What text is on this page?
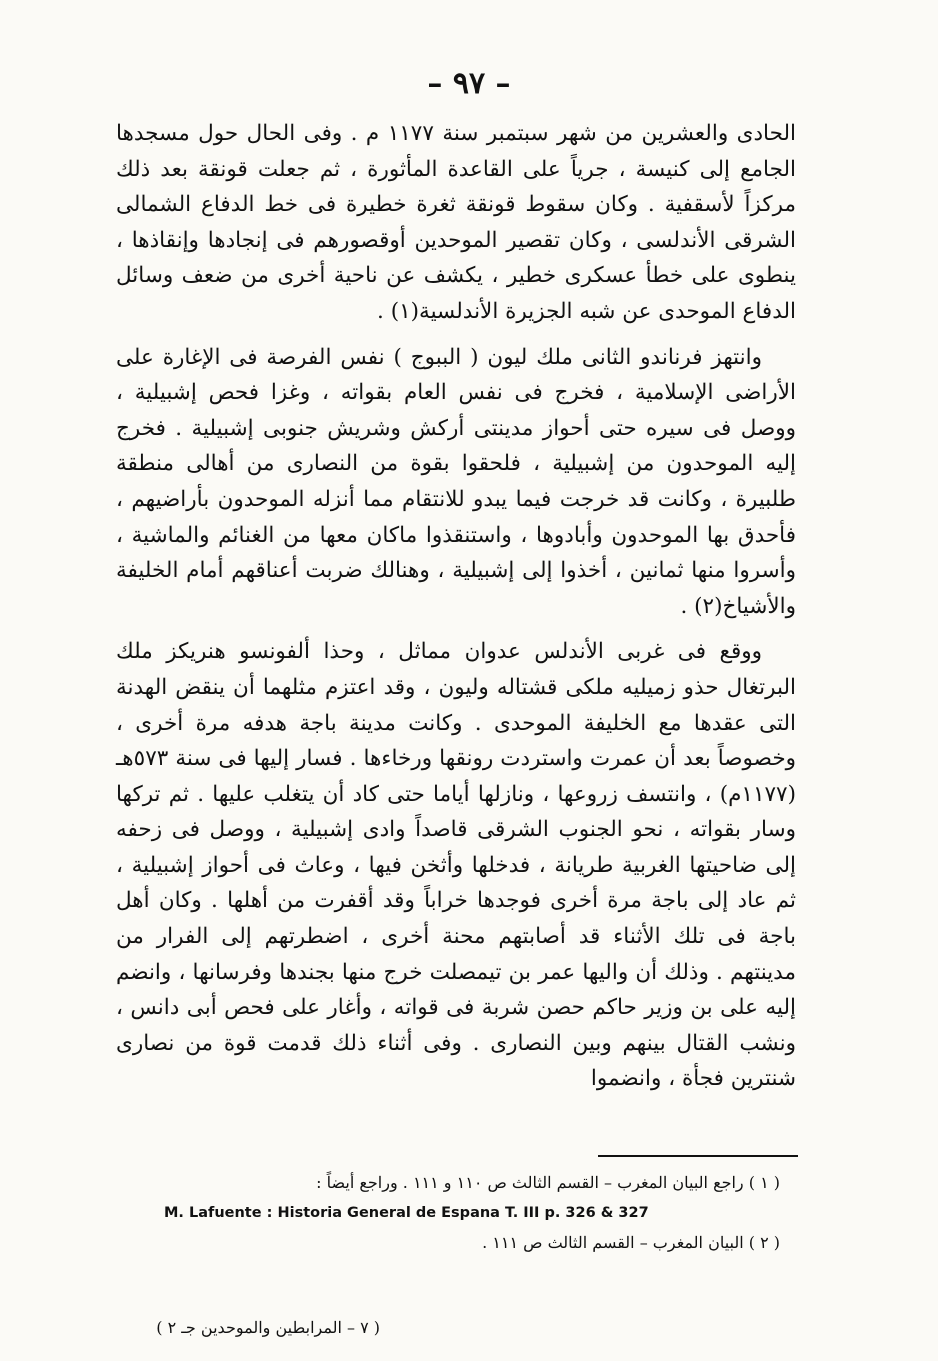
– ٩٧ –

الحادى والعشرين من شهر سبتمبر سنة ١١٧٧ م . وفى الحال حول مسجدها الجامع إلى كنيسة ، جرياً على القاعدة المأثورة ، ثم جعلت قونقة بعد ذلك مركزاً لأسقفية . وكان سقوط قونقة ثغرة خطيرة فى خط الدفاع الشمالى الشرقى الأندلسى ، وكان تقصير الموحدين أوقصورهم فى إنجادها وإنقاذها ، ينطوى على خطأ عسكرى خطير ، يكشف عن ناحية أخرى من ضعف وسائل الدفاع الموحدى عن شبه الجزيرة الأندلسية(١) .

وانتهز فرناندو الثانى ملك ليون ( الببوج ) نفس الفرصة فى الإغارة على الأراضى الإسلامية ، فخرج فى نفس العام بقواته ، وغزا فحص إشبيلية ، ووصل فى سيره حتى أحواز مدينتى أركش وشريش جنوبى إشبيلية . فخرج إليه الموحدون من إشبيلية ، فلحقوا بقوة من النصارى من أهالى منطقة طلبيرة ، وكانت قد خرجت فيما يبدو للانتقام مما أنزله الموحدون بأراضيهم ، فأحدق بها الموحدون وأبادوها ، واستنقذوا ماكان معها من الغنائم والماشية ، وأسروا منها ثمانين ، أخذوا إلى إشبيلية ، وهنالك ضربت أعناقهم أمام الخليفة والأشياخ(٢) .

ووقع فى غربى الأندلس عدوان مماثل ، وحذا ألفونسو هنريكز ملك البرتغال حذو زميليه ملكى قشتاله وليون ، وقد اعتزم مثلهما أن ينقض الهدنة التى عقدها مع الخليفة الموحدى . وكانت مدينة باجة هدفه مرة أخرى ، وخصوصاً بعد أن عمرت واستردت رونقها ورخاءها . فسار إليها فى سنة ٥٧٣هـ (١١٧٧م) ، وانتسف زروعها ، ونازلها أياما حتى كاد أن يتغلب عليها . ثم تركها وسار بقواته ، نحو الجنوب الشرقى قاصداً وادى إشبيلية ، ووصل فى زحفه إلى ضاحيتها الغربية طريانة ، فدخلها وأثخن فيها ، وعاث فى أحواز إشبيلية ، ثم عاد إلى باجة مرة أخرى فوجدها خراباً وقد أقفرت من أهلها . وكان أهل باجة فى تلك الأثناء قد أصابتهم محنة أخرى ، اضطرتهم إلى الفرار من مدينتهم . وذلك أن واليها عمر بن تيمصلت خرج منها بجندها وفرسانها ، وانضم إليه على بن وزير حاكم حصن شربة فى قواته ، وأغار على فحص أبى دانس ، ونشب القتال بينهم وبين النصارى . وفى أثناء ذلك قدمت قوة من نصارى شنترين فجأة ، وانضموا

( ١ ) راجع البيان المغرب – القسم الثالث ص ١١٠ و ١١١ . وراجع أيضاً :
M. Lafuente : Historia General de Espana T. III p. 326 & 327
( ٢ ) البيان المغرب – القسم الثالث ص ١١١ .
( ٧ – المرابطين والموحدين جـ ٢ )
